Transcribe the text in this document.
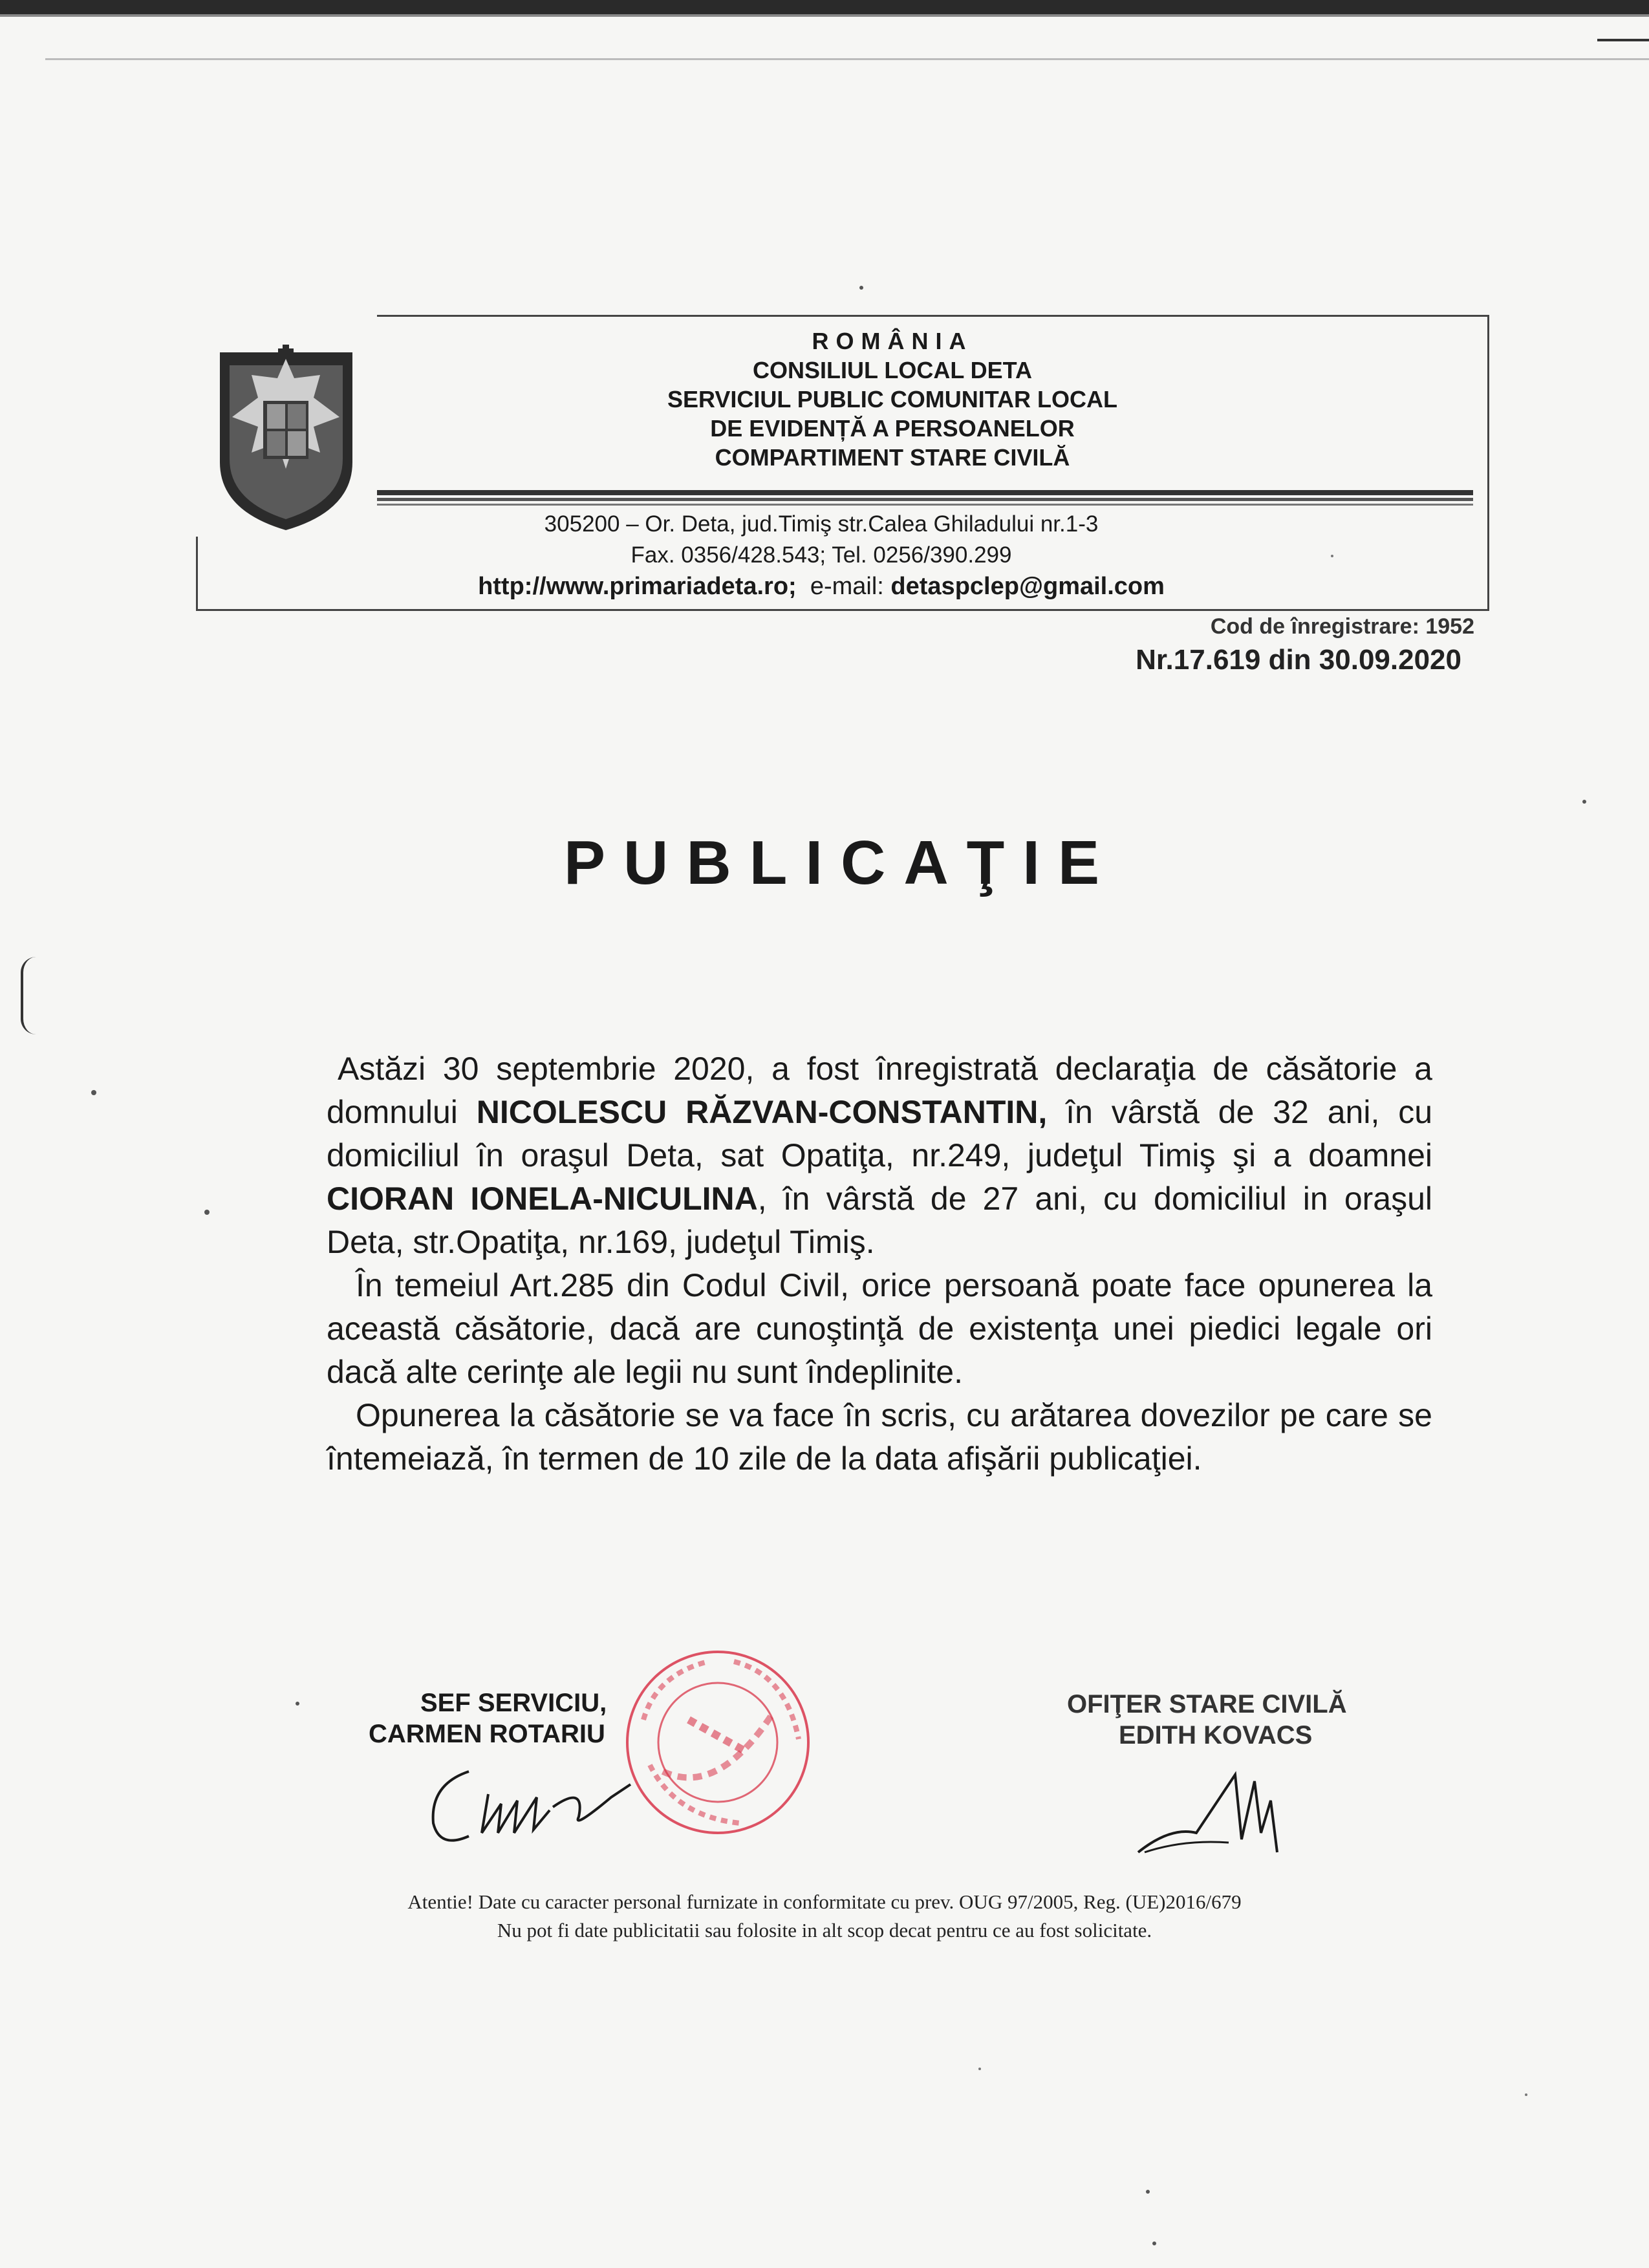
ROMÂNIA
CONSILIUL LOCAL DETA
SERVICIUL PUBLIC COMUNITAR LOCAL
DE EVIDENȚĂ A PERSOANELOR
COMPARTIMENT STARE CIVILĂ
305200 – Or. Deta, jud.Timiş str.Calea Ghiladului nr.1-3
Fax. 0356/428.543; Tel. 0256/390.299
http://www.primariadeta.ro; e-mail: detaspclep@gmail.com
Cod de înregistrare: 1952
Nr.17.619 din 30.09.2020
PUBLICAŢIE

Astăzi 30 septembrie 2020, a fost înregistrată declaraţia de căsătorie a domnului NICOLESCU RĂZVAN-CONSTANTIN, în vârstă de 32 ani, cu domiciliul în oraşul Deta, sat Opatiţa, nr.249, judeţul Timiş şi a doamnei CIORAN IONELA-NICULINA, în vârstă de 27 ani, cu domiciliul in oraşul Deta, str.Opatiţa, nr.169, judeţul Timiş.

În temeiul Art.285 din Codul Civil, orice persoană poate face opunerea la această căsătorie, dacă are cunoştinţă de existenţa unei piedici legale ori dacă alte cerinţe ale legii nu sunt îndeplinite.

Opunerea la căsătorie se va face în scris, cu arătarea dovezilor pe care se întemeiază, în termen de 10 zile de la data afişării publicaţiei.

SEF SERVICIU,
CARMEN ROTARIU
OFIŢER STARE CIVILĂ
EDITH KOVACS
Atentie! Date cu caracter personal furnizate in conformitate cu prev. OUG 97/2005, Reg. (UE)2016/679
Nu pot fi date publicitatii sau folosite in alt scop decat pentru ce au fost solicitate.
